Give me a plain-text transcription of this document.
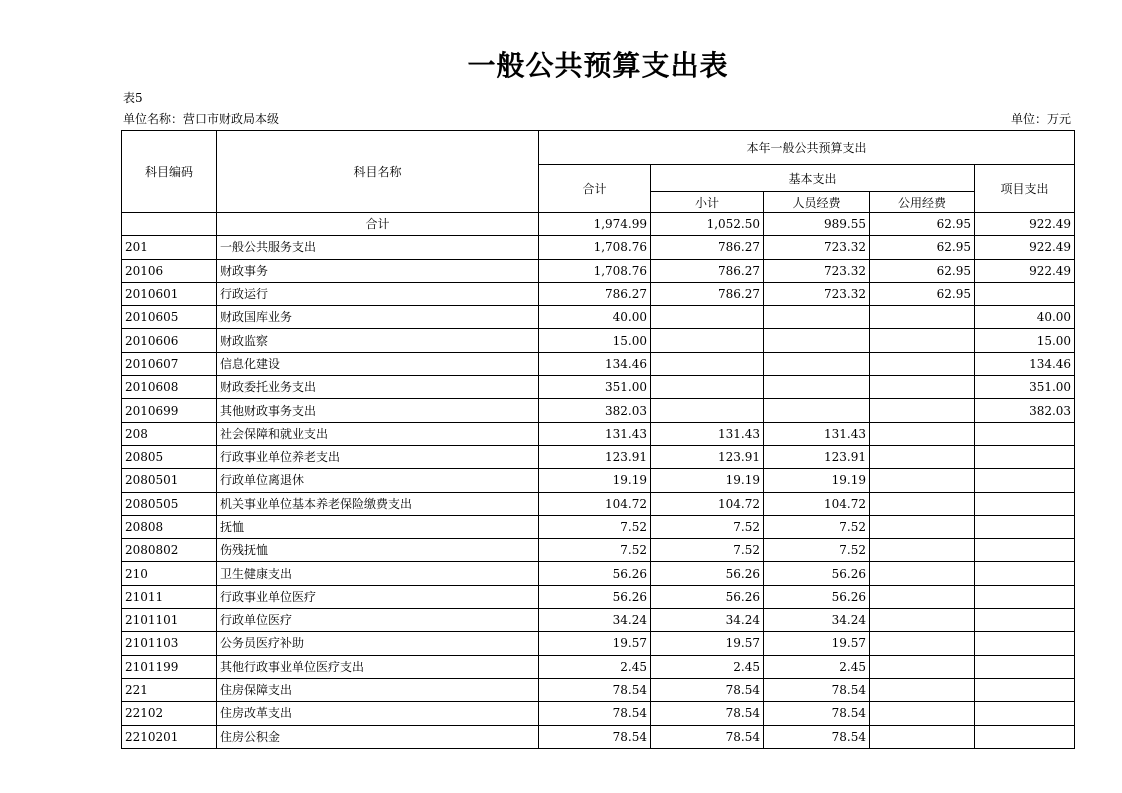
一般公共预算支出表
表5
单位名称：营口市财政局本级	单位：万元
科目编码	科目名称	本年一般公共预算支出				
		合计	基本支出			项目支出
			小计	人员经费	公用经费	
	合计	1,974.99	1,052.50	989.55	62.95	922.49
201	一般公共服务支出	1,708.76	786.27	723.32	62.95	922.49
20106	财政事务	1,708.76	786.27	723.32	62.95	922.49
2010601	行政运行	786.27	786.27	723.32	62.95	
2010605	财政国库业务	40.00				40.00
2010606	财政监察	15.00				15.00
2010607	信息化建设	134.46				134.46
2010608	财政委托业务支出	351.00				351.00
2010699	其他财政事务支出	382.03				382.03
208	社会保障和就业支出	131.43	131.43	131.43		
20805	行政事业单位养老支出	123.91	123.91	123.91		
2080501	行政单位离退休	19.19	19.19	19.19		
2080505	机关事业单位基本养老保险缴费支出	104.72	104.72	104.72		
20808	抚恤	7.52	7.52	7.52		
2080802	伤残抚恤	7.52	7.52	7.52		
210	卫生健康支出	56.26	56.26	56.26		
21011	行政事业单位医疗	56.26	56.26	56.26		
2101101	行政单位医疗	34.24	34.24	34.24		
2101103	公务员医疗补助	19.57	19.57	19.57		
2101199	其他行政事业单位医疗支出	2.45	2.45	2.45		
221	住房保障支出	78.54	78.54	78.54		
22102	住房改革支出	78.54	78.54	78.54		
2210201	住房公积金	78.54	78.54	78.54		
